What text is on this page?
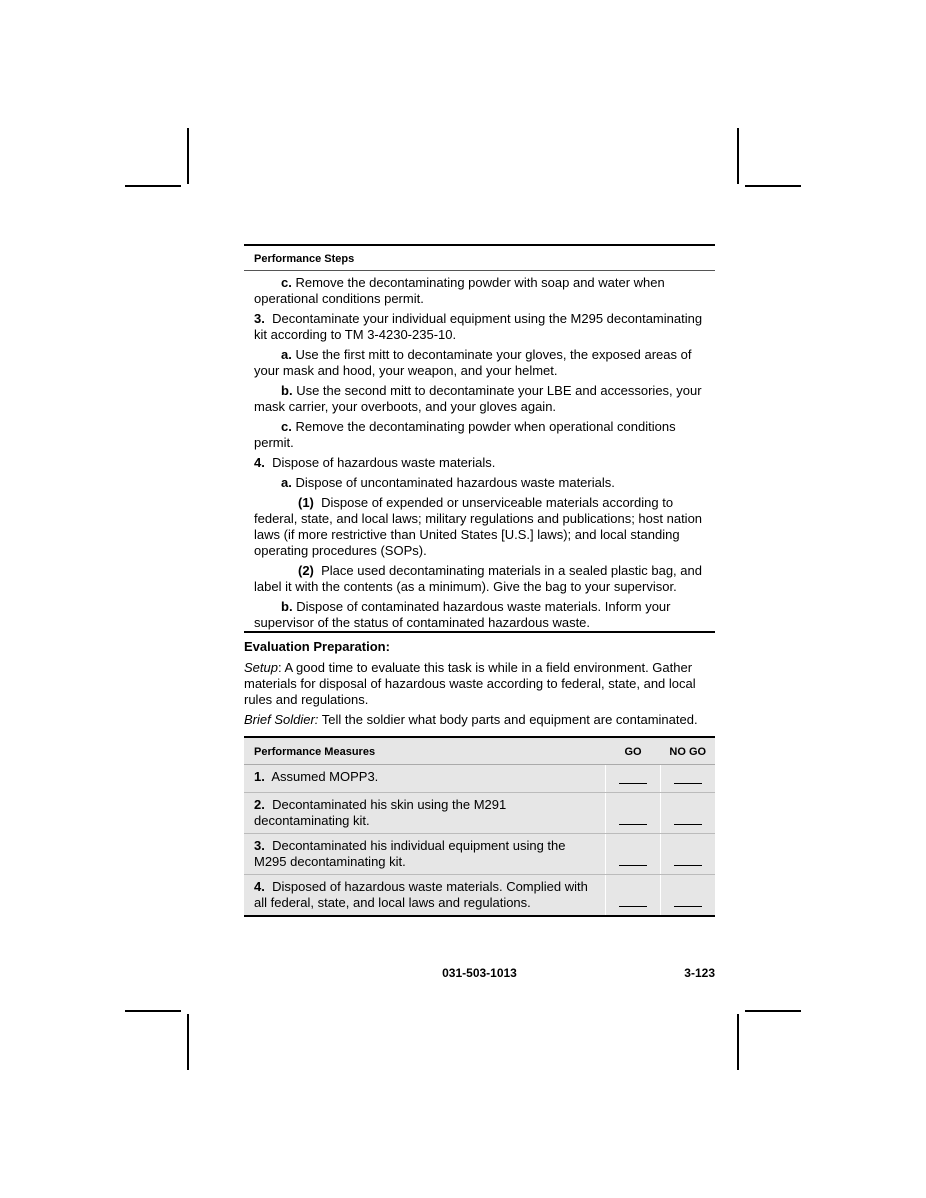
Performance Steps

c. Remove the decontaminating powder with soap and water when operational conditions permit.

3. Decontaminate your individual equipment using the M295 decontaminating kit according to TM 3-4230-235-10.

a. Use the first mitt to decontaminate your gloves, the exposed areas of your mask and hood, your weapon, and your helmet.

b. Use the second mitt to decontaminate your LBE and accessories, your mask carrier, your overboots, and your gloves again.

c. Remove the decontaminating powder when operational conditions permit.

4. Dispose of hazardous waste materials.

a. Dispose of uncontaminated hazardous waste materials.

(1) Dispose of expended or unserviceable materials according to federal, state, and local laws; military regulations and publications; host nation laws (if more restrictive than United States [U.S.] laws); and local standing operating procedures (SOPs).

(2) Place used decontaminating materials in a sealed plastic bag, and label it with the contents (as a minimum). Give the bag to your supervisor.

b. Dispose of contaminated hazardous waste materials. Inform your supervisor of the status of contaminated hazardous waste.

Evaluation Preparation:

Setup: A good time to evaluate this task is while in a field environment. Gather materials for disposal of hazardous waste according to federal, state, and local rules and regulations.

Brief Soldier: Tell the soldier what body parts and equipment are contaminated.

Performance Measures	GO	NO GO
1. Assumed MOPP3.		
2. Decontaminated his skin using the M291 decontaminating kit.		
3. Decontaminated his individual equipment using the M295 decontaminating kit.		
4. Disposed of hazardous waste materials. Complied with all federal, state, and local laws and regulations.		
031-503-1013	3-123
